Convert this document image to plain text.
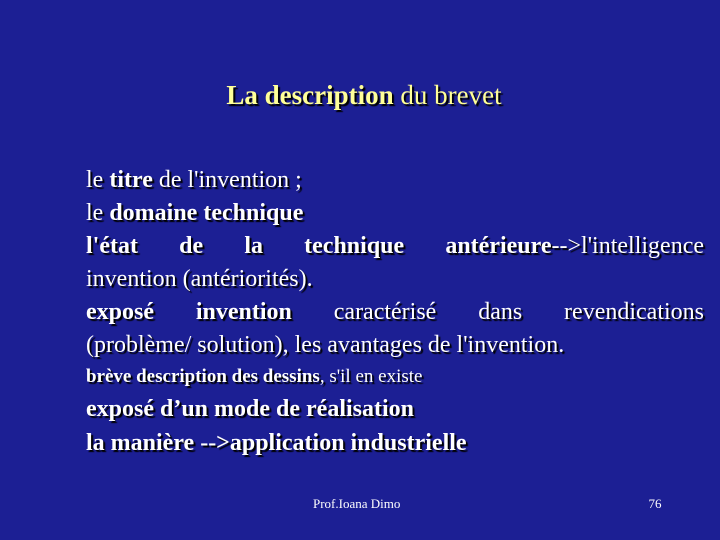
La description du brevet
le titre de l'invention ;
le domaine technique
l'état de la technique antérieure-->l'intelligence
invention (antériorités).
exposé invention caractérisé dans revendications
(problème/ solution), les avantages de l'invention.
brève description des dessins, s'il en existe
exposé d’un mode de réalisation
la manière -->application industrielle
Prof.Ioana Dimo	76
